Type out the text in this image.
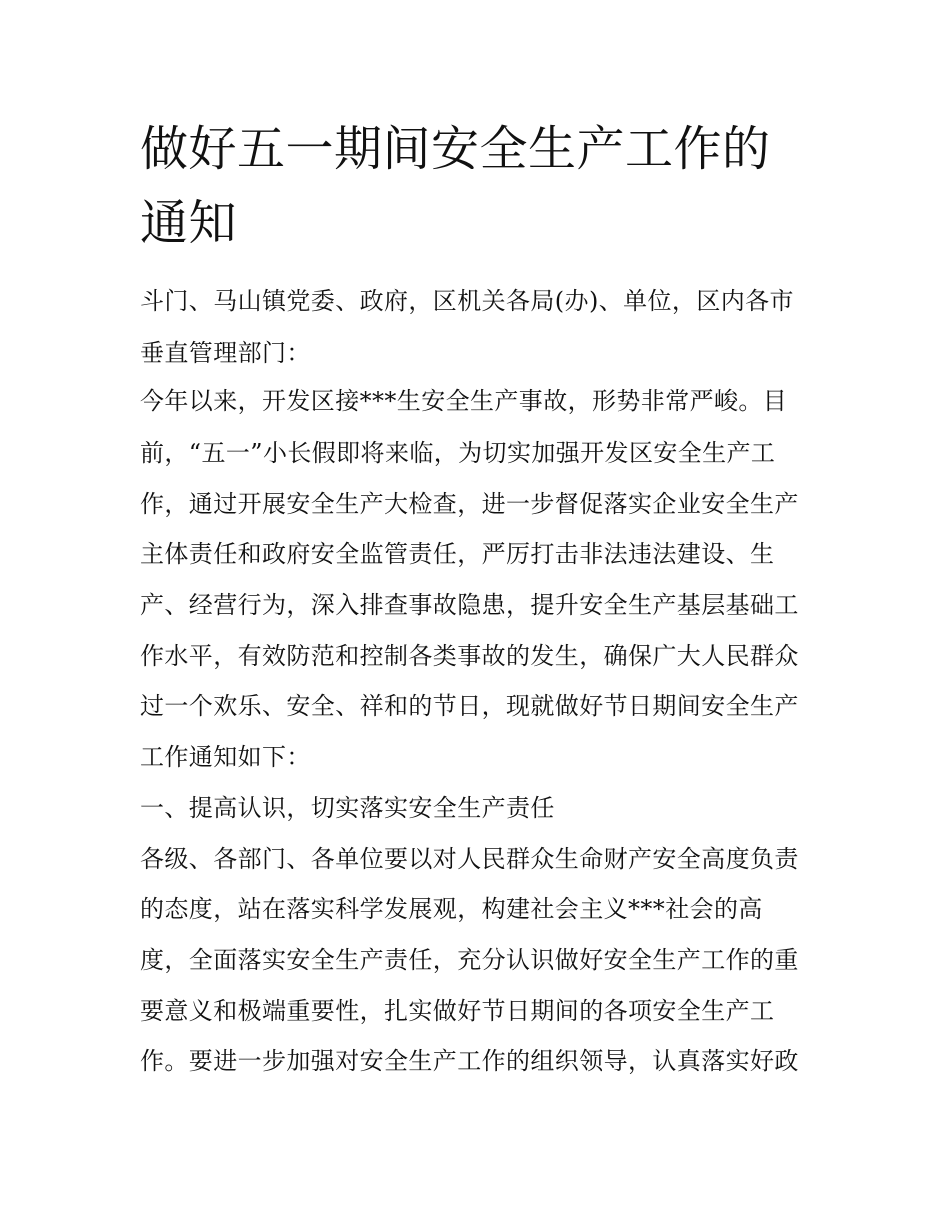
做好五一期间安全生产工作的
通知

斗门、马山镇党委、政府，区机关各局(办)、单位，区内各市

垂直管理部门：

今年以来，开发区接***生安全生产事故，形势非常严峻。目

前，“五一”小长假即将来临，为切实加强开发区安全生产工

作，通过开展安全生产大检查，进一步督促落实企业安全生产

主体责任和政府安全监管责任，严厉打击非法违法建设、生

产、经营行为，深入排查事故隐患，提升安全生产基层基础工

作水平，有效防范和控制各类事故的发生，确保广大人民群众

过一个欢乐、安全、祥和的节日，现就做好节日期间安全生产

工作通知如下：

一、提高认识，切实落实安全生产责任

各级、各部门、各单位要以对人民群众生命财产安全高度负责

的态度，站在落实科学发展观，构建社会主义***社会的高

度，全面落实安全生产责任，充分认识做好安全生产工作的重

要意义和极端重要性，扎实做好节日期间的各项安全生产工

作。要进一步加强对安全生产工作的组织领导，认真落实好政
